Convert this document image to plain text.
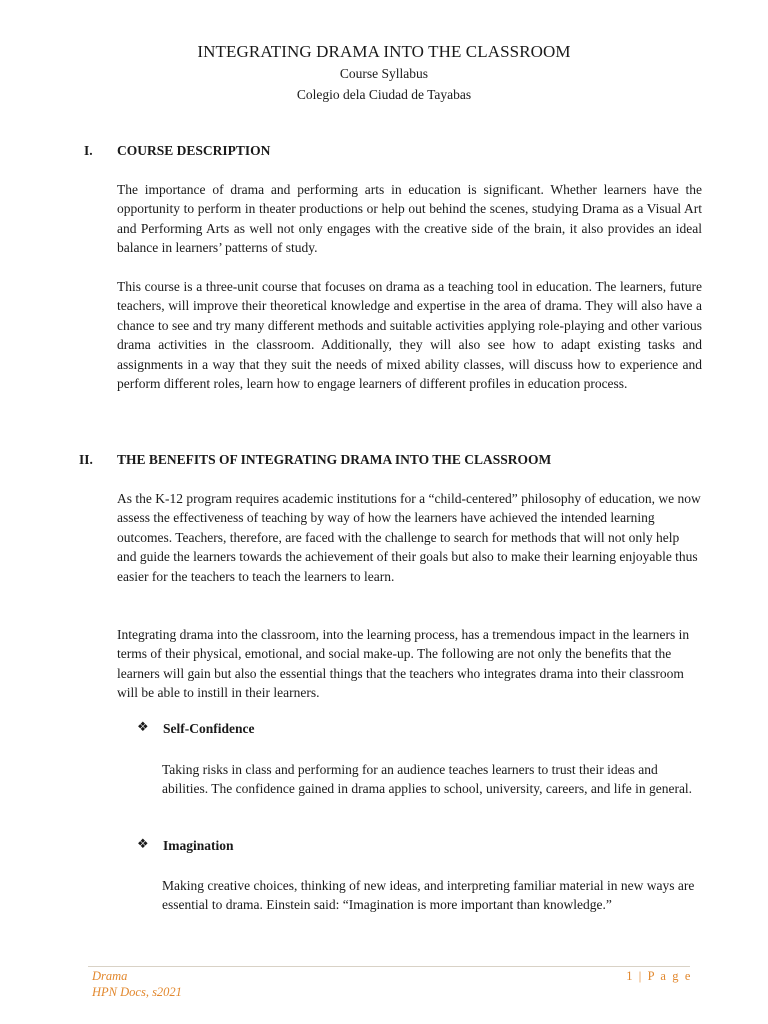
INTEGRATING DRAMA INTO THE CLASSROOM
Course Syllabus
Colegio dela Ciudad de Tayabas
I. COURSE DESCRIPTION
The importance of drama and performing arts in education is significant. Whether learners have the opportunity to perform in theater productions or help out behind the scenes, studying Drama as a Visual Art and Performing Arts as well not only engages with the creative side of the brain, it also provides an ideal balance in learners’ patterns of study.
This course is a three-unit course that focuses on drama as a teaching tool in education. The learners, future teachers, will improve their theoretical knowledge and expertise in the area of drama. They will also have a chance to see and try many different methods and suitable activities applying role-playing and other various drama activities in the classroom. Additionally, they will also see how to adapt existing tasks and assignments in a way that they suit the needs of mixed ability classes, will discuss how to experience and perform different roles, learn how to engage learners of different profiles in education process.
II. THE BENEFITS OF INTEGRATING DRAMA INTO THE CLASSROOM
As the K-12 program requires academic institutions for a “child-centered” philosophy of education, we now assess the effectiveness of teaching by way of how the learners have achieved the intended learning outcomes. Teachers, therefore, are faced with the challenge to search for methods that will not only help and guide the learners towards the achievement of their goals but also to make their learning enjoyable thus easier for the teachers to teach the learners to learn.
Integrating drama into the classroom, into the learning process, has a tremendous impact in the learners in terms of their physical, emotional, and social make-up. The following are not only the benefits that the learners will gain but also the essential things that the teachers who integrates drama into their classroom will be able to instill in their learners.
❖ Self-Confidence
Taking risks in class and performing for an audience teaches learners to trust their ideas and abilities. The confidence gained in drama applies to school, university, careers, and life in general.
❖ Imagination
Making creative choices, thinking of new ideas, and interpreting familiar material in new ways are essential to drama. Einstein said: “Imagination is more important than knowledge.”
Drama
HPN Docs, s2021
1 | P a g e
